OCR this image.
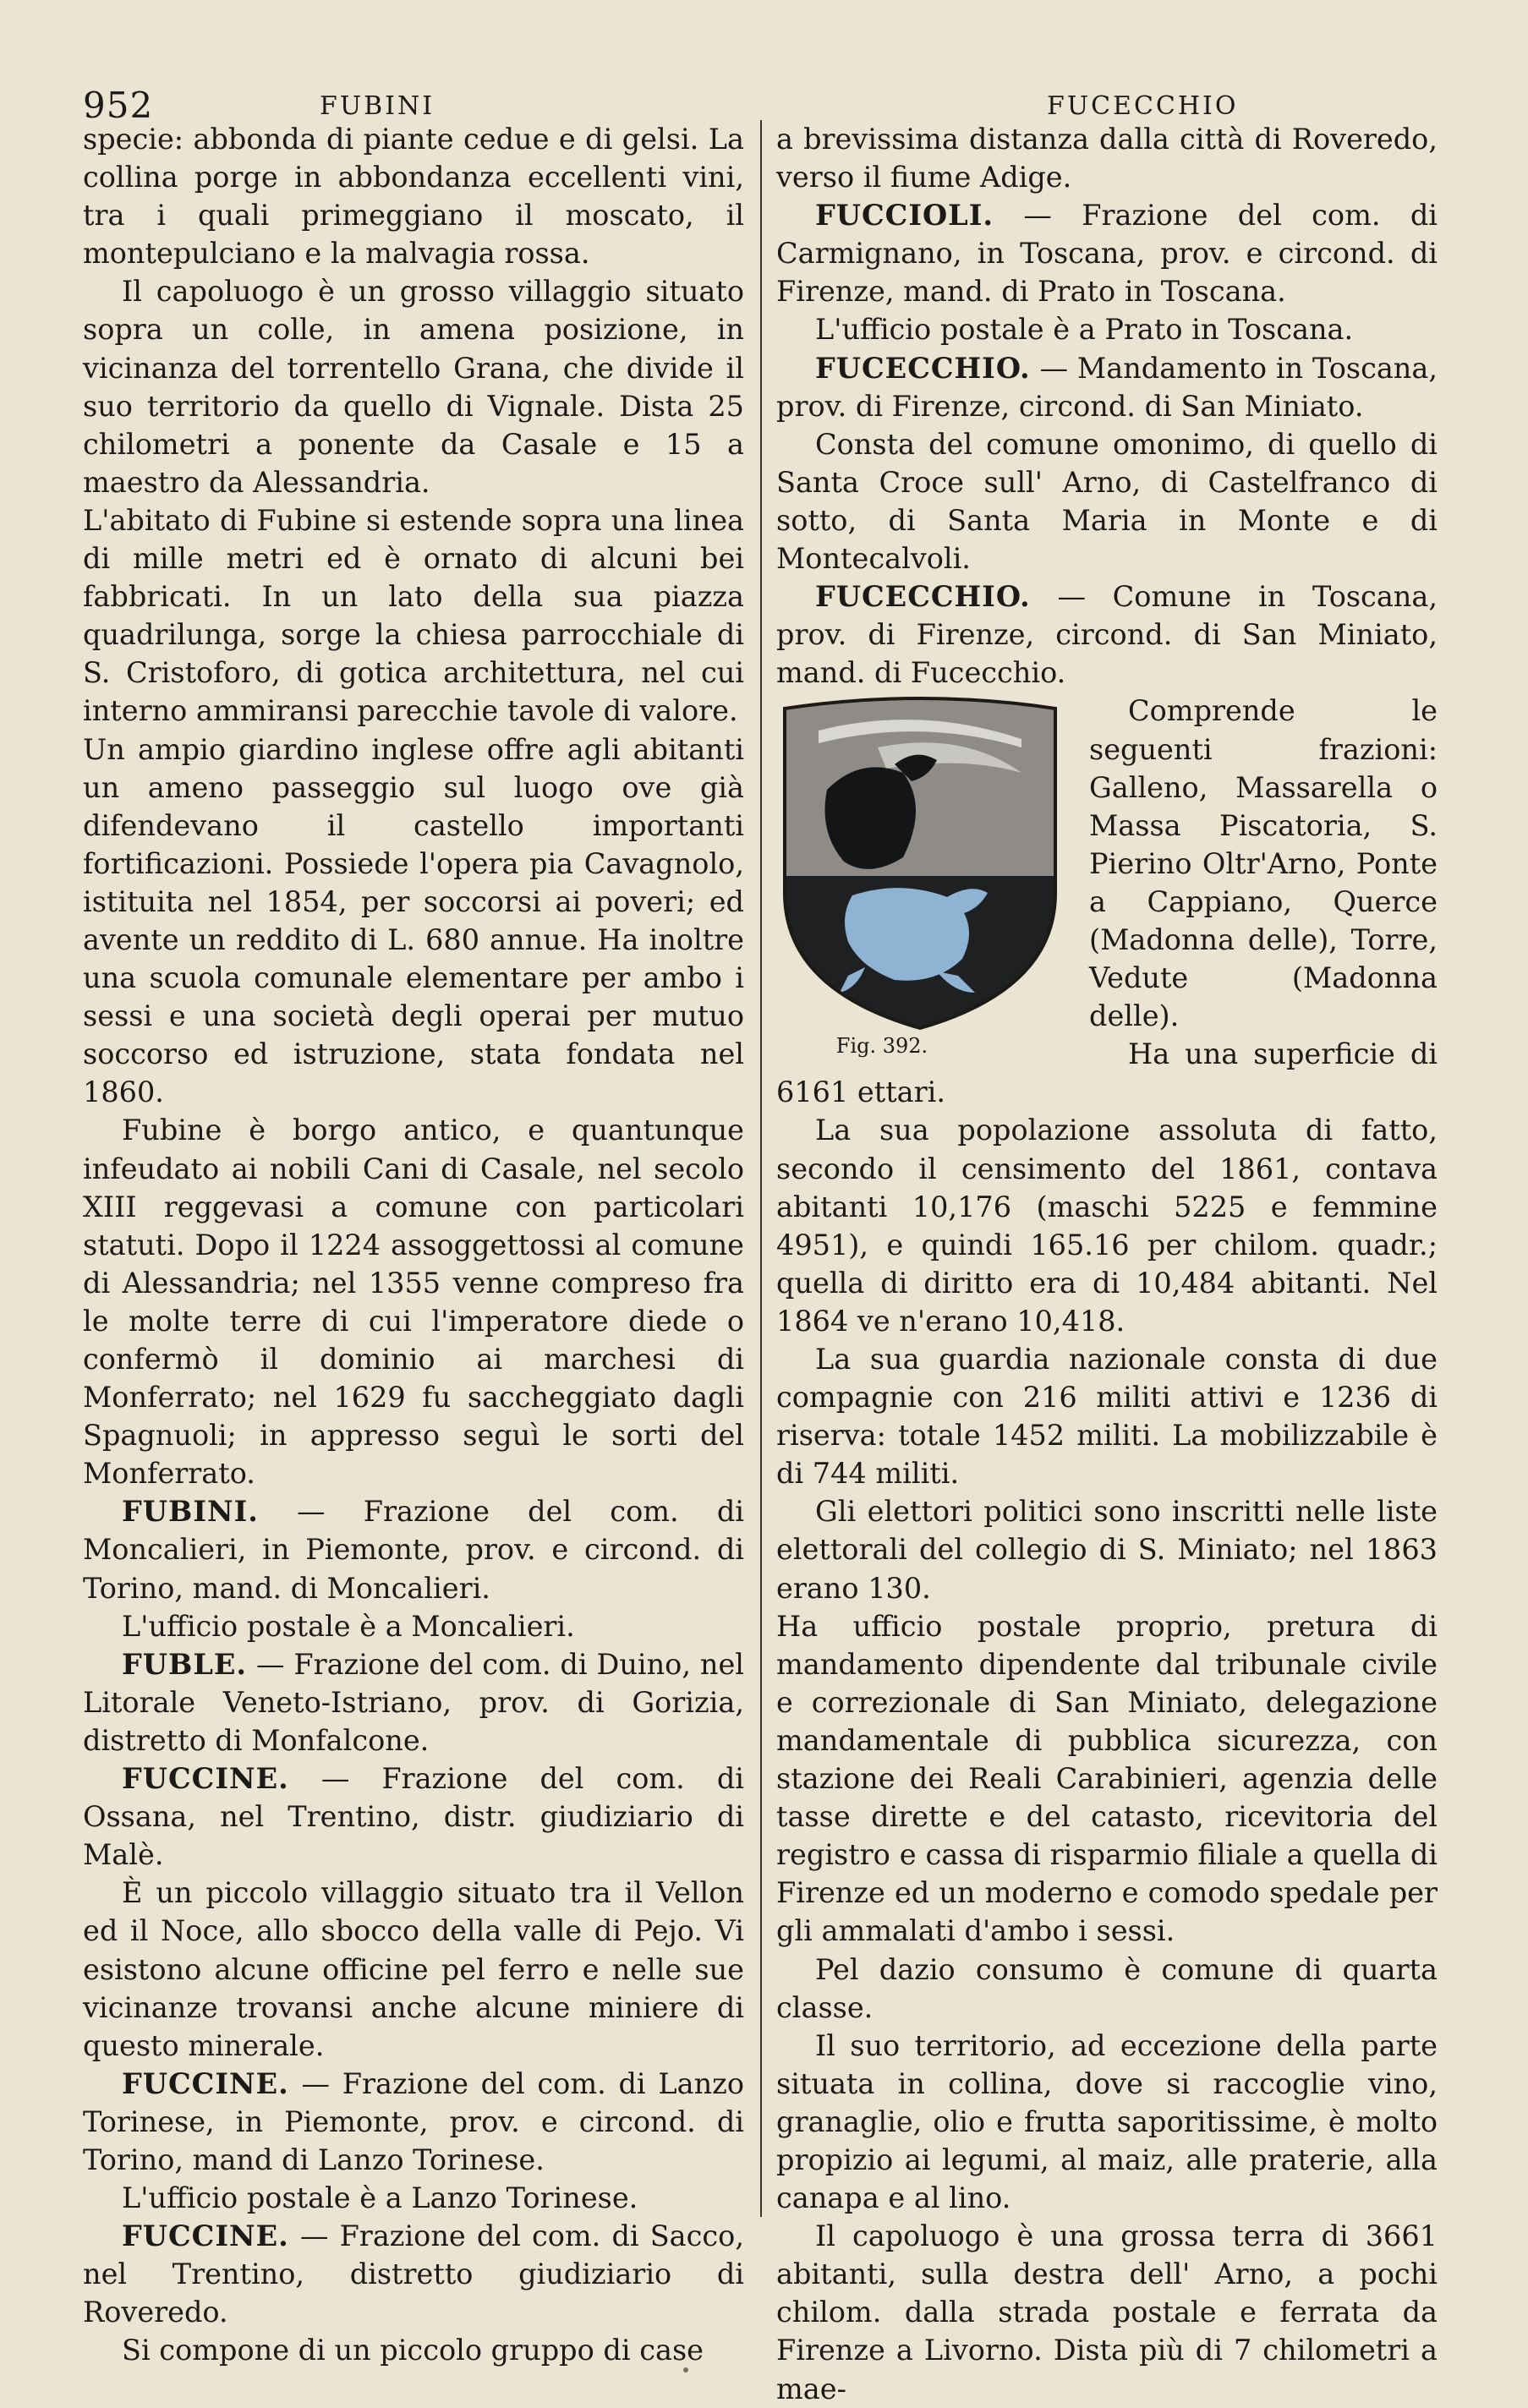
952	FUBINI	FUCECCHIO

specie: abbonda di piante cedue e di gelsi. La collina porge in abbondanza eccellenti vini, tra i quali primeggiano il moscato, il montepulciano e la malvagia rossa.

Il capoluogo è un grosso villaggio situato sopra un colle, in amena posizione, in vicinanza del torrentello Grana, che divide il suo territorio da quello di Vignale. Dista 25 chilometri a ponente da Casale e 15 a maestro da Alessandria.

L'abitato di Fubine si estende sopra una linea di mille metri ed è ornato di alcuni bei fabbricati. In un lato della sua piazza quadrilunga, sorge la chiesa parrocchiale di S. Cristoforo, di gotica architettura, nel cui interno ammiransi parecchie tavole di valore.

Un ampio giardino inglese offre agli abitanti un ameno passeggio sul luogo ove già difendevano il castello importanti fortificazioni. Possiede l'opera pia Cavagnolo, istituita nel 1854, per soccorsi ai poveri; ed avente un reddito di L. 680 annue. Ha inoltre una scuola comunale elementare per ambo i sessi e una società degli operai per mutuo soccorso ed istruzione, stata fondata nel 1860.

Fubine è borgo antico, e quantunque infeudato ai nobili Cani di Casale, nel secolo XIII reggevasi a comune con particolari statuti. Dopo il 1224 assoggettossi al comune di Alessandria; nel 1355 venne compreso fra le molte terre di cui l'imperatore diede o confermò il dominio ai marchesi di Monferrato; nel 1629 fu saccheggiato dagli Spagnuoli; in appresso seguì le sorti del Monferrato.

FUBINI. — Frazione del com. di Moncalieri, in Piemonte, prov. e circond. di Torino, mand. di Moncalieri.

L'ufficio postale è a Moncalieri.

FUBLE. — Frazione del com. di Duino, nel Litorale Veneto-Istriano, prov. di Gorizia, distretto di Monfalcone.

FUCCINE. — Frazione del com. di Ossana, nel Trentino, distr. giudiziario di Malè.

È un piccolo villaggio situato tra il Vellon ed il Noce, allo sbocco della valle di Pejo. Vi esistono alcune officine pel ferro e nelle sue vicinanze trovansi anche alcune miniere di questo minerale.

FUCCINE. — Frazione del com. di Lanzo Torinese, in Piemonte, prov. e circond. di Torino, mand di Lanzo Torinese.

L'ufficio postale è a Lanzo Torinese.

FUCCINE. — Frazione del com. di Sacco, nel Trentino, distretto giudiziario di Roveredo.

Si compone di un piccolo gruppo di case

a brevissima distanza dalla città di Roveredo, verso il fiume Adige.

FUCCIOLI. — Frazione del com. di Carmignano, in Toscana, prov. e circond. di Firenze, mand. di Prato in Toscana.

L'ufficio postale è a Prato in Toscana.

FUCECCHIO. — Mandamento in Toscana, prov. di Firenze, circond. di San Miniato.

Consta del comune omonimo, di quello di Santa Croce sull' Arno, di Castelfranco di sotto, di Santa Maria in Monte e di Montecalvoli.

FUCECCHIO. — Comune in Toscana, prov. di Firenze, circond. di San Miniato, mand. di Fucecchio.

Fig. 392.

Comprende le seguenti frazioni: Galleno, Massarella o Massa Piscatoria, S. Pierino Oltr'Arno, Ponte a Cappiano, Querce (Madonna delle), Torre, Vedute (Madonna delle).

Ha una superficie di 6161 ettari.

La sua popolazione assoluta di fatto, secondo il censimento del 1861, contava abitanti 10,176 (maschi 5225 e femmine 4951), e quindi 165.16 per chilom. quadr.; quella di diritto era di 10,484 abitanti. Nel 1864 ve n'erano 10,418.

La sua guardia nazionale consta di due compagnie con 216 militi attivi e 1236 di riserva: totale 1452 militi. La mobilizzabile è di 744 militi.

Gli elettori politici sono inscritti nelle liste elettorali del collegio di S. Miniato; nel 1863 erano 130.

Ha ufficio postale proprio, pretura di mandamento dipendente dal tribunale civile e correzionale di San Miniato, delegazione mandamentale di pubblica sicurezza, con stazione dei Reali Carabinieri, agenzia delle tasse dirette e del catasto, ricevitoria del registro e cassa di risparmio filiale a quella di Firenze ed un moderno e comodo spedale per gli ammalati d'ambo i sessi.

Pel dazio consumo è comune di quarta classe.

Il suo territorio, ad eccezione della parte situata in collina, dove si raccoglie vino, granaglie, olio e frutta saporitissime, è molto propizio ai legumi, al maiz, alle praterie, alla canapa e al lino.

Il capoluogo è una grossa terra di 3661 abitanti, sulla destra dell' Arno, a pochi chilom. dalla strada postale e ferrata da Firenze a Livorno. Dista più di 7 chilometri a mae-
